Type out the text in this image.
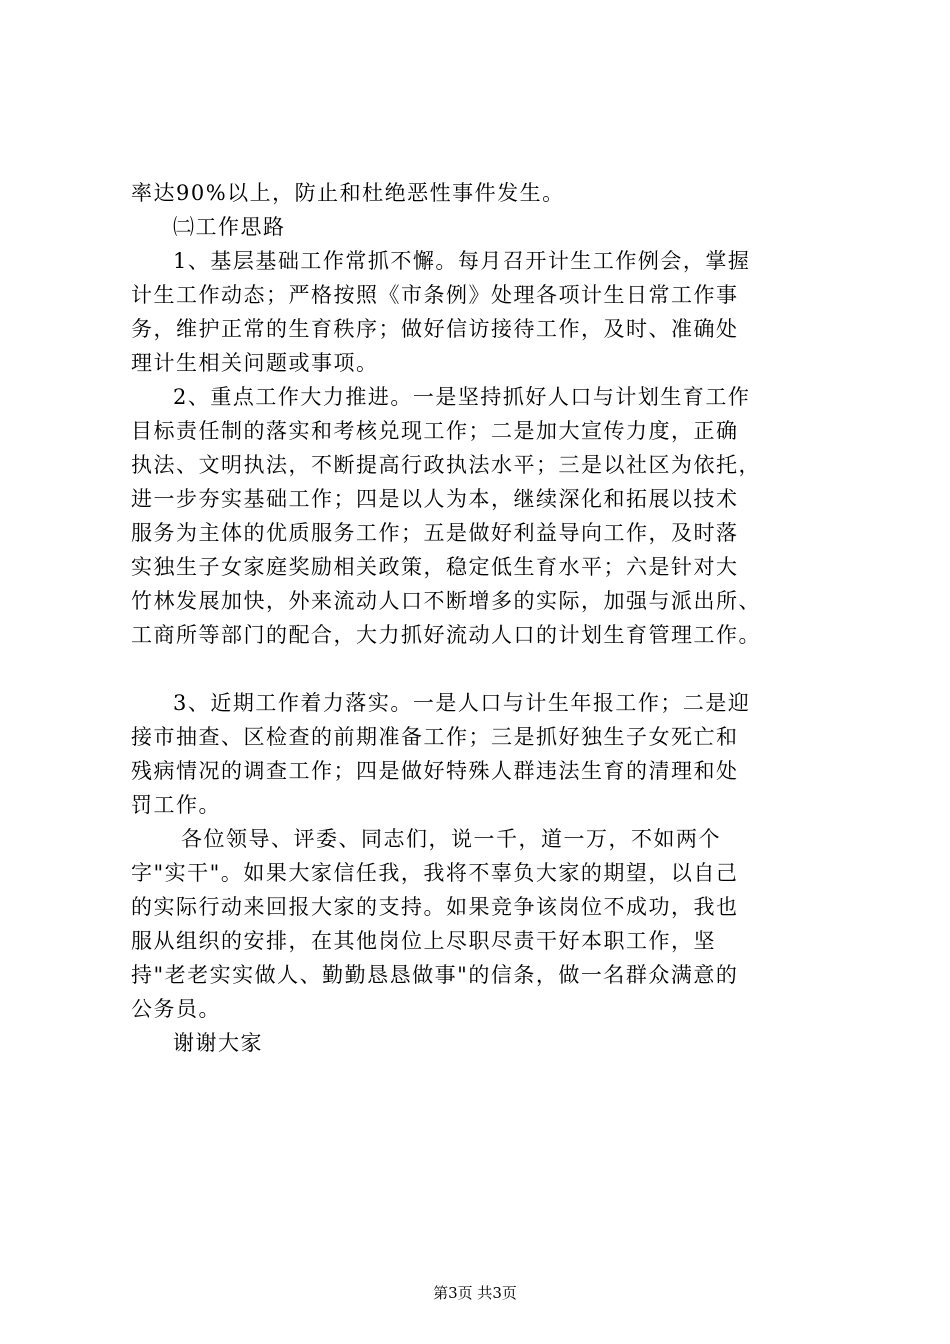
率达90%以上，防止和杜绝恶性事件发生。
㈡工作思路
1、基层基础工作常抓不懈。每月召开计生工作例会，掌握
计生工作动态；严格按照《市条例》处理各项计生日常工作事
务，维护正常的生育秩序；做好信访接待工作，及时、准确处
理计生相关问题或事项。
2、重点工作大力推进。一是坚持抓好人口与计划生育工作
目标责任制的落实和考核兑现工作；二是加大宣传力度，正确
执法、文明执法，不断提高行政执法水平；三是以社区为依托，
进一步夯实基础工作；四是以人为本，继续深化和拓展以技术
服务为主体的优质服务工作；五是做好利益导向工作，及时落
实独生子女家庭奖励相关政策，稳定低生育水平；六是针对大
竹林发展加快，外来流动人口不断增多的实际，加强与派出所、
工商所等部门的配合，大力抓好流动人口的计划生育管理工作。
3、近期工作着力落实。一是人口与计生年报工作；二是迎
接市抽查、区检查的前期准备工作；三是抓好独生子女死亡和
残病情况的调查工作；四是做好特殊人群违法生育的清理和处
罚工作。
各位领导、评委、同志们，说一千，道一万，不如两个
字"实干"。如果大家信任我，我将不辜负大家的期望，以自己
的实际行动来回报大家的支持。如果竞争该岗位不成功，我也
服从组织的安排，在其他岗位上尽职尽责干好本职工作，坚
持"老老实实做人、勤勤恳恳做事"的信条，做一名群众满意的
公务员。
谢谢大家
第3页 共3页
